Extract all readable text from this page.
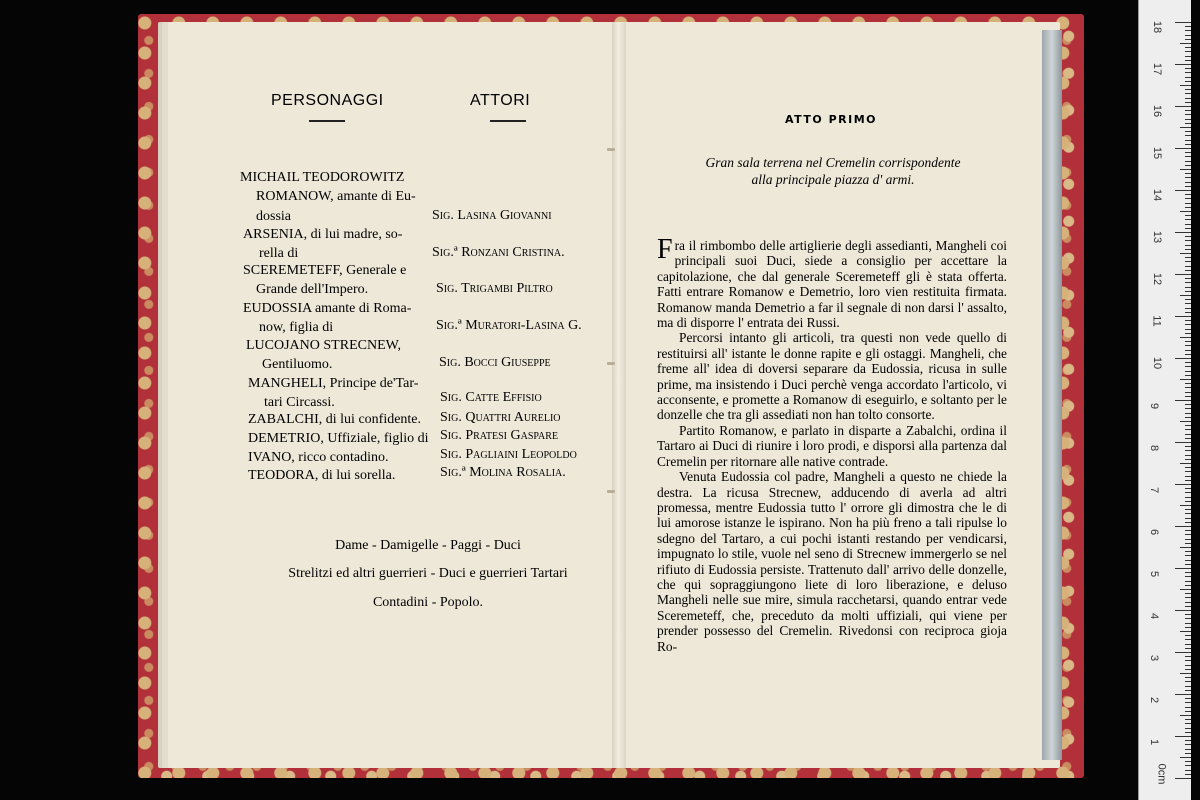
PERSONAGGI	ATTORI
MICHAIL TEODOROWITZ
ROMANOW, amante di Eu-
dossia
ARSENIA, di lui madre, so-
rella di
SCEREMETEFF, Generale e
Grande dell'Impero.
EUDOSSIA amante di Roma-
now, figlia di
LUCOJANO STRECNEW,
Gentiluomo.
MANGHELI, Principe de'Tar-
tari Circassi.
ZABALCHI, di lui confidente.
DEMETRIO, Uffiziale, figlio di
IVANO, ricco contadino.
TEODORA, di lui sorella.
Sig. Lasina Giovanni
Sig.ª Ronzani Cristina.
Sig. Trigambi Piltro
Sig.ª Muratori-Lasina G.
Sig. Bocci Giuseppe
Sig. Catte Effisio
Sig. Quattri Aurelio
Sig. Pratesi Gaspare
Sig. Pagliaini Leopoldo
Sig.ª Molina Rosalia.
Dame - Damigelle - Paggi - Duci
Strelitzi ed altri guerrieri - Duci e guerrieri Tartari
Contadini - Popolo.
ATTO PRIMO
Gran sala terrena nel Cremelin corrispondente
alla principale piazza d' armi.

Fra il rimbombo delle artiglierie degli assedianti, Mangheli coi principali suoi Duci, siede a consiglio per accettare la capitolazione, che dal generale Sceremeteff gli è stata offerta. Fatti entrare Romanow e Demetrio, loro vien restituita firmata. Romanow manda Demetrio a far il segnale di non darsi l' assalto, ma di disporre l' entrata dei Russi.

Percorsi intanto gli articoli, tra questi non vede quello di restituirsi all' istante le donne rapite e gli ostaggi. Mangheli, che freme all' idea di doversi separare da Eudossia, ricusa in sulle prime, ma insistendo i Duci perchè venga accordato l'articolo, vi acconsente, e promette a Romanow di eseguirlo, e soltanto per le donzelle che tra gli assediati non han tolto consorte.

Partito Romanow, e parlato in disparte a Zabalchi, ordina il Tartaro ai Duci di riunire i loro prodi, e disporsi alla partenza dal Cremelin per ritornare alle native contrade.

Venuta Eudossia col padre, Mangheli a questo ne chiede la destra. La ricusa Strecnew, adducendo di averla ad altri promessa, mentre Eudossia tutto l' orrore gli dimostra che le di lui amorose istanze le ispirano. Non ha più freno a tali ripulse lo sdegno del Tartaro, a cui pochi istanti restando per vendicarsi, impugnato lo stile, vuole nel seno di Strecnew immergerlo se nel rifiuto di Eudossia persiste. Trattenuto dall' arrivo delle donzelle, che qui sopraggiungono liete di loro liberazione, e deluso Mangheli nelle sue mire, simula racchetarsi, quando entrar vede Sceremeteff, che, preceduto da molti uffiziali, qui viene per prender possesso del Cremelin. Rivedonsi con reciproca gioja Ro-

0cm
1
2
3
4
5
6
7
8
9
10
11
12
13
14
15
16
17
18
